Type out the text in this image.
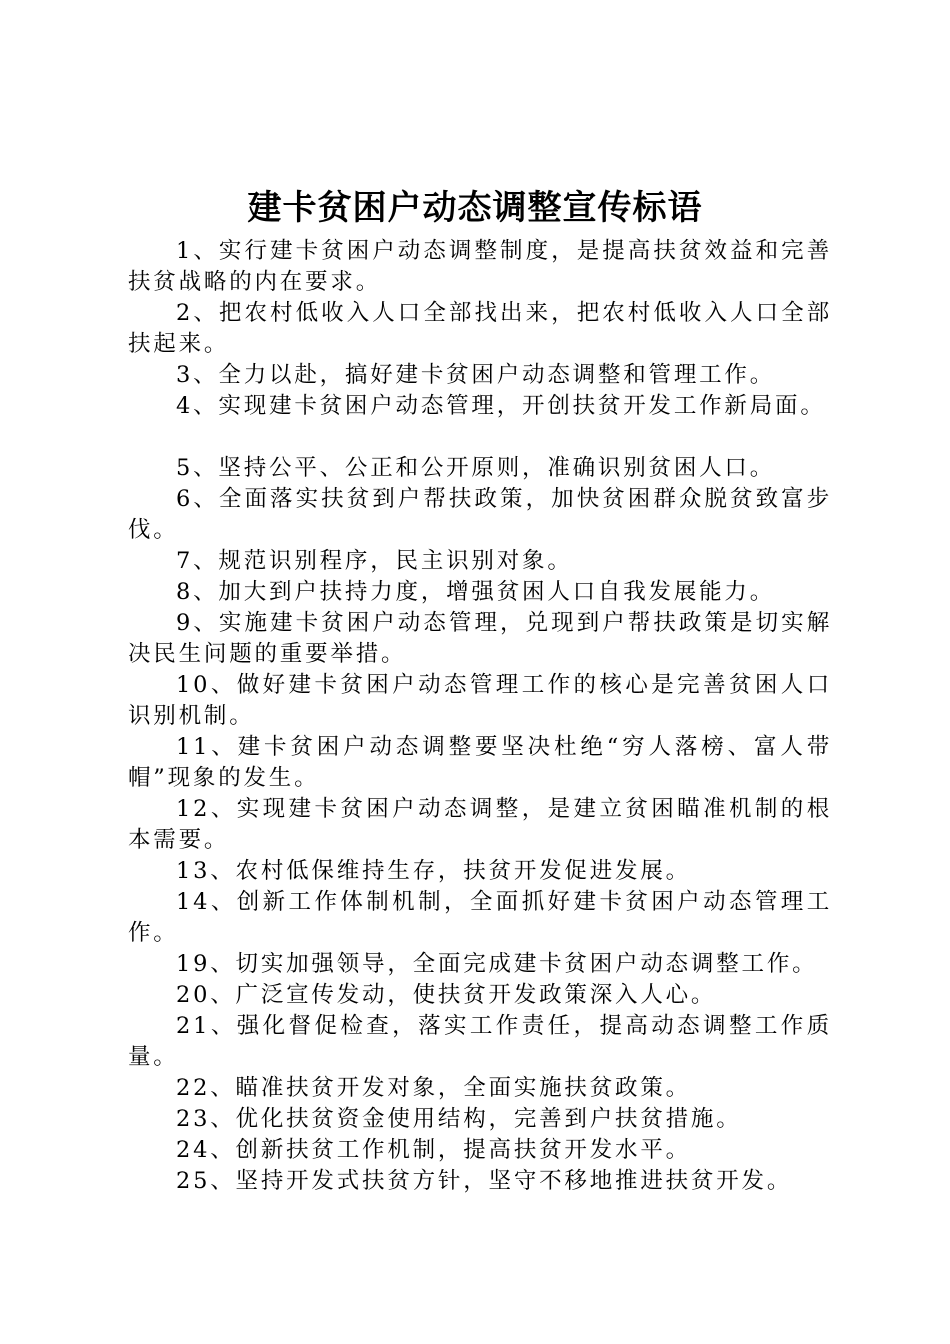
建卡贫困户动态调整宣传标语

1、实行建卡贫困户动态调整制度，是提高扶贫效益和完善扶贫战略的内在要求。

2、把农村低收入人口全部找出来，把农村低收入人口全部扶起来。

3、全力以赴，搞好建卡贫困户动态调整和管理工作。

4、实现建卡贫困户动态管理，开创扶贫开发工作新局面。

5、坚持公平、公正和公开原则，准确识别贫困人口。

6、全面落实扶贫到户帮扶政策，加快贫困群众脱贫致富步伐。

7、规范识别程序，民主识别对象。

8、加大到户扶持力度，增强贫困人口自我发展能力。

9、实施建卡贫困户动态管理，兑现到户帮扶政策是切实解决民生问题的重要举措。

10、做好建卡贫困户动态管理工作的核心是完善贫困人口识别机制。

11、建卡贫困户动态调整要坚决杜绝“穷人落榜、富人带帽”现象的发生。

12、实现建卡贫困户动态调整，是建立贫困瞄准机制的根本需要。

13、农村低保维持生存，扶贫开发促进发展。

14、创新工作体制机制，全面抓好建卡贫困户动态管理工作。

19、切实加强领导，全面完成建卡贫困户动态调整工作。

20、广泛宣传发动，使扶贫开发政策深入人心。

21、强化督促检查，落实工作责任，提高动态调整工作质量。

22、瞄准扶贫开发对象，全面实施扶贫政策。

23、优化扶贫资金使用结构，完善到户扶贫措施。

24、创新扶贫工作机制，提高扶贫开发水平。

25、坚持开发式扶贫方针，坚守不移地推进扶贫开发。
